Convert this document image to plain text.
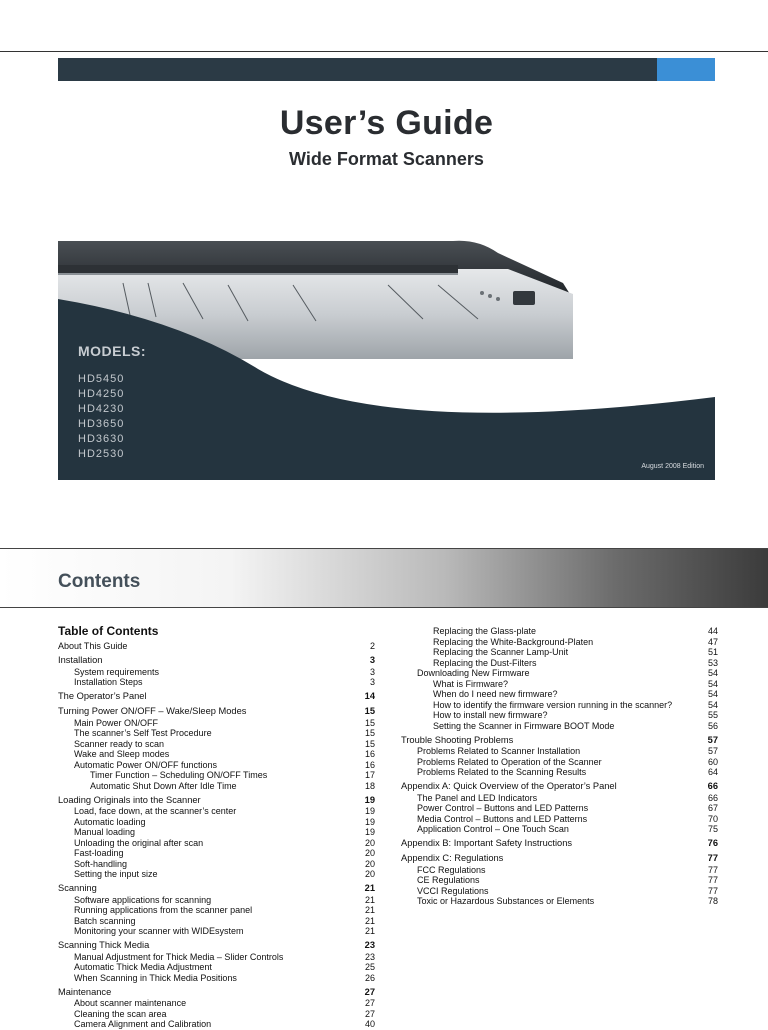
User’s Guide
Wide Format Scanners
MODELS:
HD5450
HD4250
HD4230
HD3650
HD3630
HD2530
August 2008 Edition
Contents
Table of Contents
About This Guide	2
Installation	3
System requirements	3
Installation Steps	3
The Operator’s Panel	14
Turning Power ON/OFF – Wake/Sleep Modes	15
Main Power ON/OFF	15
The scanner’s Self Test Procedure	15
Scanner ready to scan	15
Wake and Sleep modes	16
Automatic Power ON/OFF functions	16
Timer Function – Scheduling ON/OFF Times	17
Automatic Shut Down After Idle Time	18
Loading Originals into the Scanner	19
Load, face down, at the scanner’s center	19
Automatic loading	19
Manual loading	19
Unloading the original after scan	20
Fast-loading	20
Soft-handling	20
Setting the input size	20
Scanning	21
Software applications for scanning	21
Running applications from the scanner panel	21
Batch scanning	21
Monitoring your scanner with WIDEsystem	21
Scanning Thick Media	23
Manual Adjustment for Thick Media – Slider Controls	23
Automatic Thick Media Adjustment	25
When Scanning in Thick Media Positions	26
Maintenance	27
About scanner maintenance	27
Cleaning the scan area	27
Camera Alignment and Calibration	40
Replacing the Glass-plate	44
Replacing the White-Background-Platen	47
Replacing the Scanner Lamp-Unit	51
Replacing the Dust-Filters	53
Downloading New Firmware	54
What is Firmware?	54
When do I need new firmware?	54
How to identify the firmware version running in the scanner?	54
How to install new firmware?	55
Setting the Scanner in Firmware BOOT Mode	56
Trouble Shooting Problems	57
Problems Related to Scanner Installation	57
Problems Related to Operation of the Scanner	60
Problems Related to the Scanning Results	64
Appendix A: Quick Overview of the Operator’s Panel	66
The Panel and LED Indicators	66
Power Control – Buttons and LED Patterns	67
Media Control – Buttons and LED Patterns	70
Application Control – One Touch Scan	75
Appendix B: Important Safety Instructions	76
Appendix C: Regulations	77
FCC Regulations	77
CE Regulations	77
VCCI Regulations	77
Toxic or Hazardous Substances or Elements	78
